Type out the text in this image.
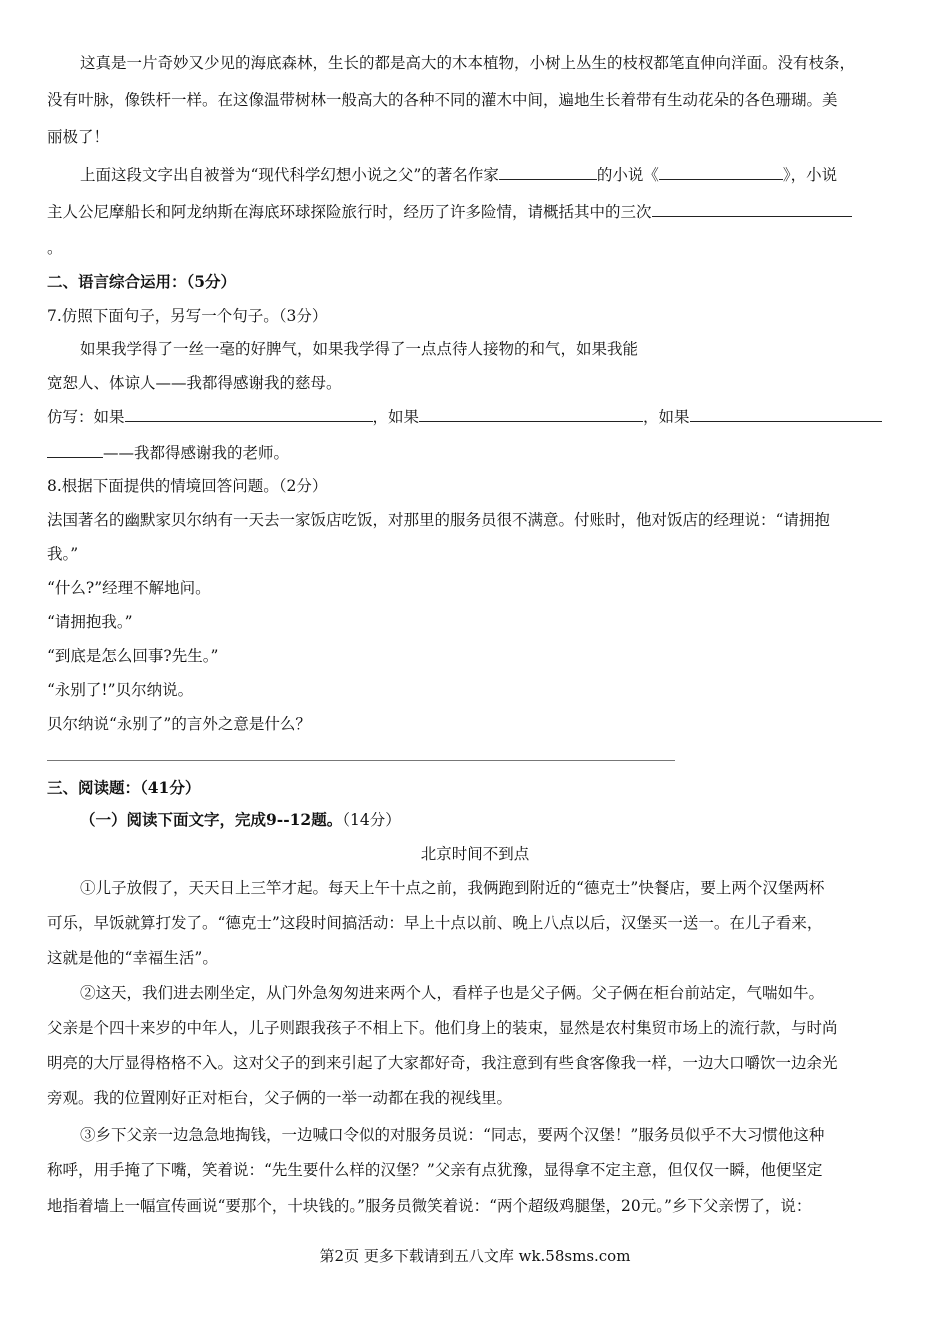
这真是一片奇妙又少见的海底森林，生长的都是高大的木本植物，小树上丛生的枝杈都笔直伸向洋面。没有枝条，
没有叶脉，像铁杆一样。在这像温带树林一般高大的各种不同的灌木中间，遍地生长着带有生动花朵的各色珊瑚。美
丽极了！
上面这段文字出自被誉为“现代科学幻想小说之父”的著名作家	的小说《	》，小说
主人公尼摩船长和阿龙纳斯在海底环球探险旅行时，经历了许多险情，请概括其中的三次
。
二、语言综合运用：（5分）
7.仿照下面句子，另写一个句子。（3分）
如果我学得了一丝一毫的好脾气，如果我学得了一点点待人接物的和气，如果我能
宽恕人、体谅人——我都得感谢我的慈母。
仿写：如果	，如果	，如果
——我都得感谢我的老师。
8.根据下面提供的情境回答问题。（2分）
法国著名的幽默家贝尔纳有一天去一家饭店吃饭，对那里的服务员很不满意。付账时，他对饭店的经理说：“请拥抱
我。”
“什么?”经理不解地问。
“请拥抱我。”
“到底是怎么回事?先生。”
“永别了!”贝尔纳说。
贝尔纳说“永别了”的言外之意是什么？
三、阅读题：（41分）
（一）阅读下面文字，完成9--12题。（14分）
北京时间不到点
①儿子放假了，天天日上三竿才起。每天上午十点之前，我俩跑到附近的“德克士”快餐店，要上两个汉堡两杯
可乐，早饭就算打发了。“德克士”这段时间搞活动：早上十点以前、晚上八点以后，汉堡买一送一。在儿子看来，
这就是他的“幸福生活”。
②这天，我们进去刚坐定，从门外急匆匆进来两个人，看样子也是父子俩。父子俩在柜台前站定，气喘如牛。
父亲是个四十来岁的中年人，儿子则跟我孩子不相上下。他们身上的装束，显然是农村集贸市场上的流行款，与时尚
明亮的大厅显得格格不入。这对父子的到来引起了大家都好奇，我注意到有些食客像我一样，一边大口嚼饮一边余光
旁观。我的位置刚好正对柜台，父子俩的一举一动都在我的视线里。
③乡下父亲一边急急地掏钱，一边喊口令似的对服务员说：“同志，要两个汉堡！”服务员似乎不大习惯他这种
称呼，用手掩了下嘴，笑着说：“先生要什么样的汉堡？”父亲有点犹豫，显得拿不定主意，但仅仅一瞬，他便坚定
地指着墙上一幅宣传画说“要那个，十块钱的。”服务员微笑着说：“两个超级鸡腿堡，20元。”乡下父亲愣了，说：
第2页 更多下载请到五八文库 wk.58sms.com
